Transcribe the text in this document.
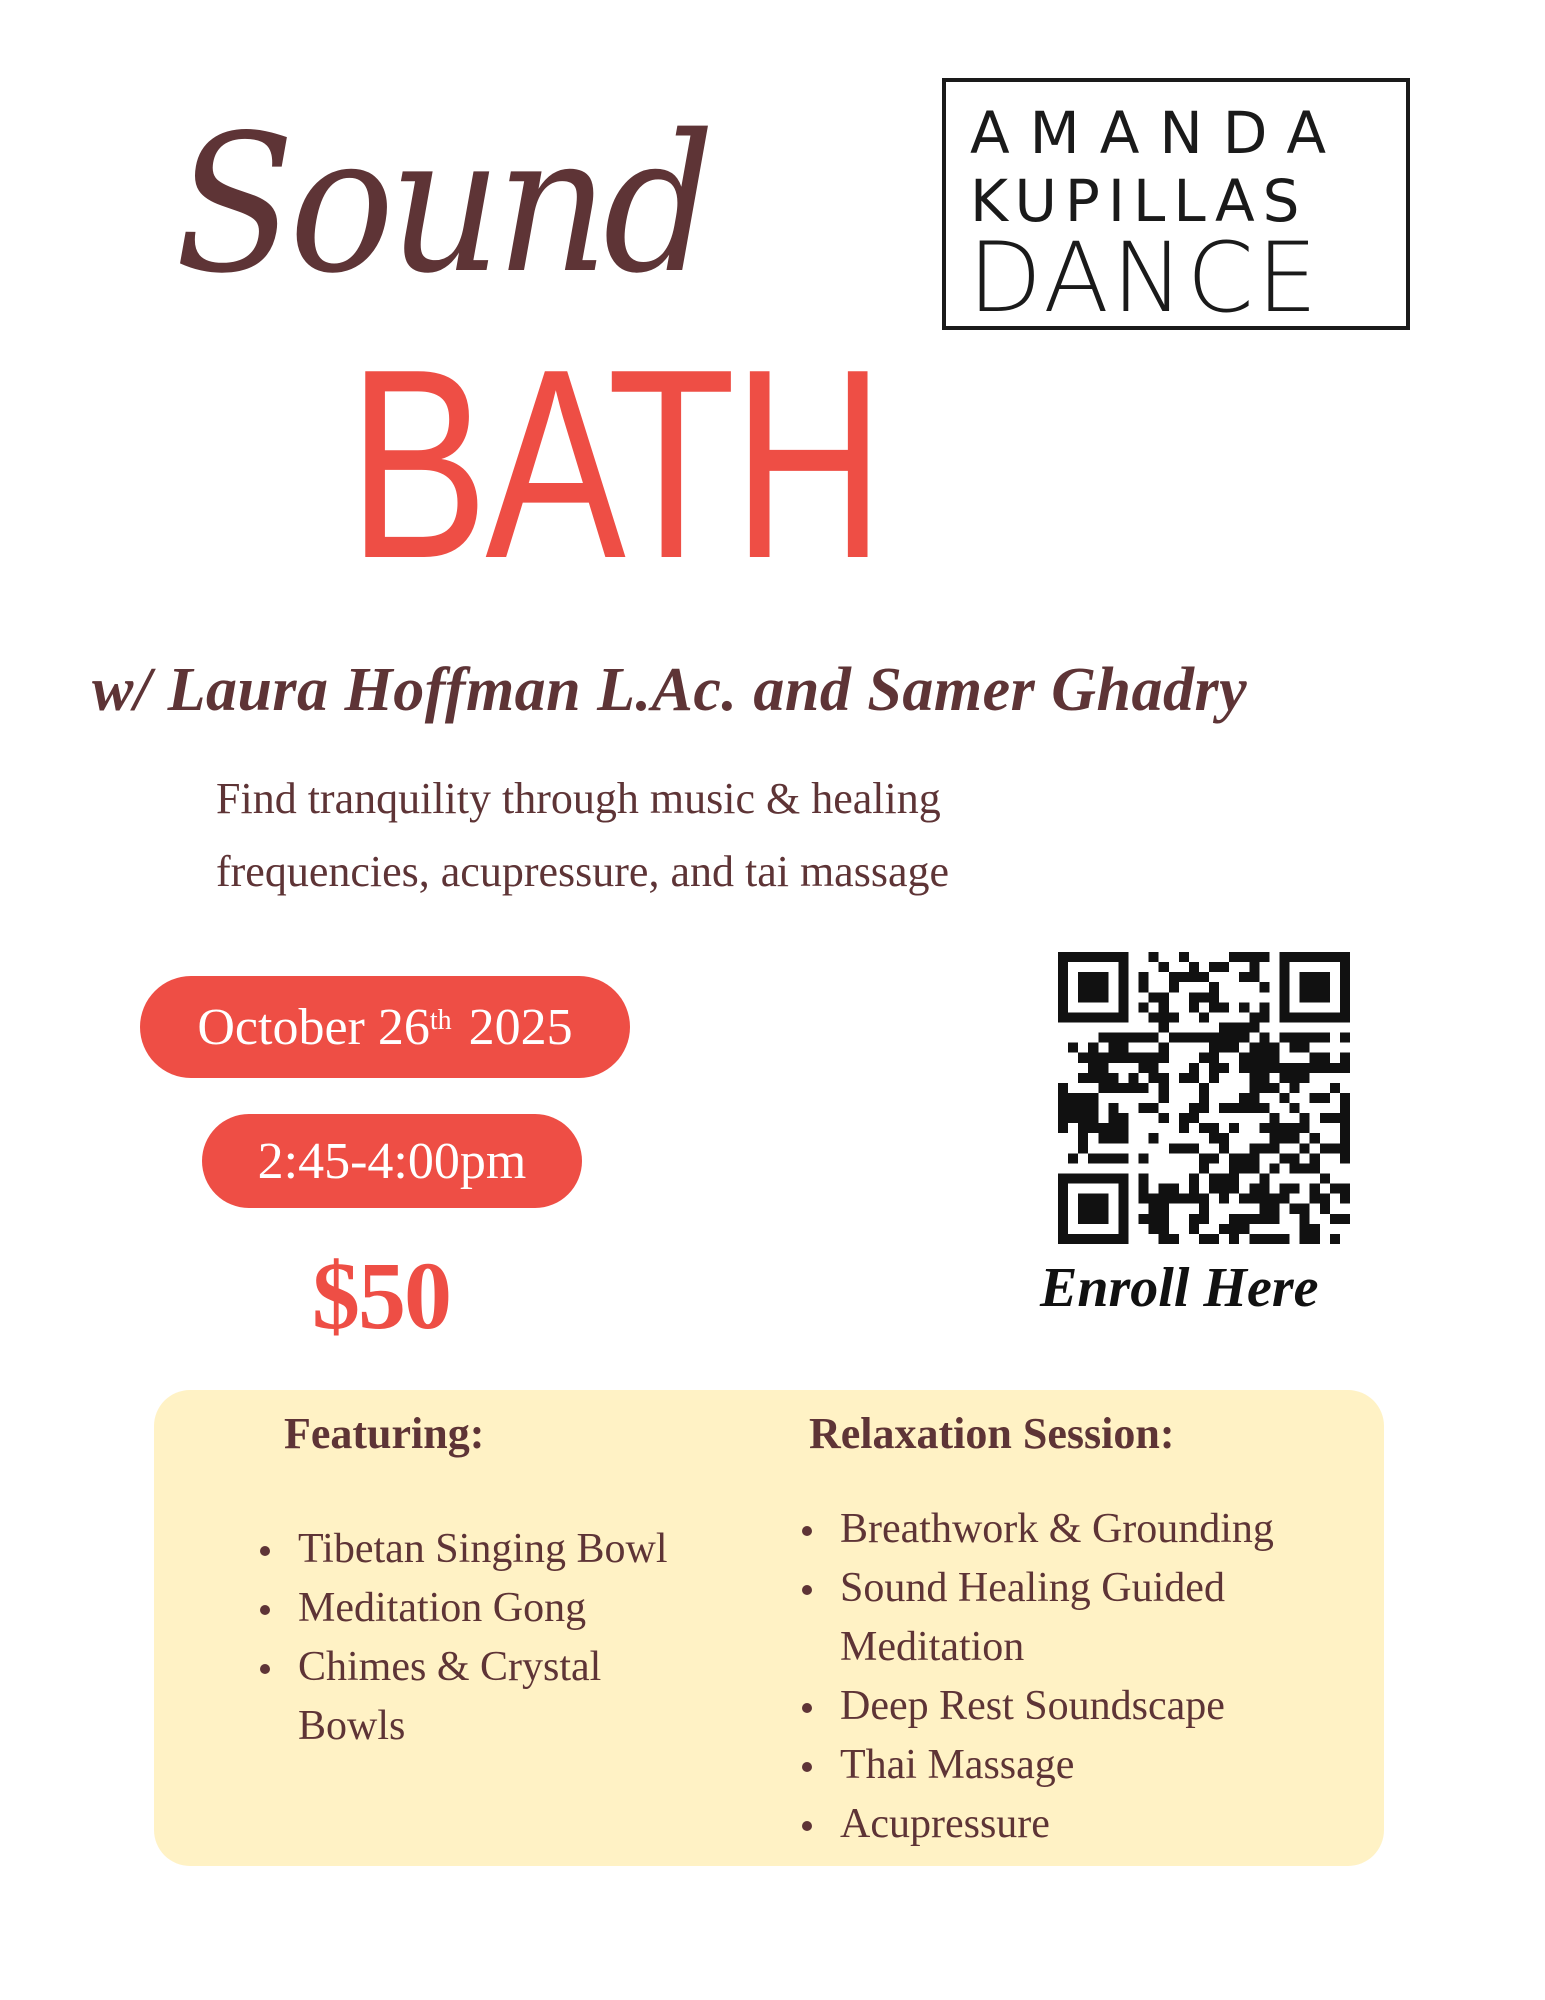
AMANDA
KUPILLAS
DANCE
Sound
BATH
w/ Laura Hoffman L.Ac. and Samer Ghadry
Find tranquility through music & healing
frequencies, acupressure, and tai massage
October 26th
2025
2:45-4:00pm
$50	Enroll Here
Featuring:	Relaxation Session:
Tibetan Singing Bowl
Meditation Gong
Chimes & Crystal Bowls
Breathwork & Grounding
Sound Healing Guided Meditation
Deep Rest Soundscape
Thai Massage
Acupressure
